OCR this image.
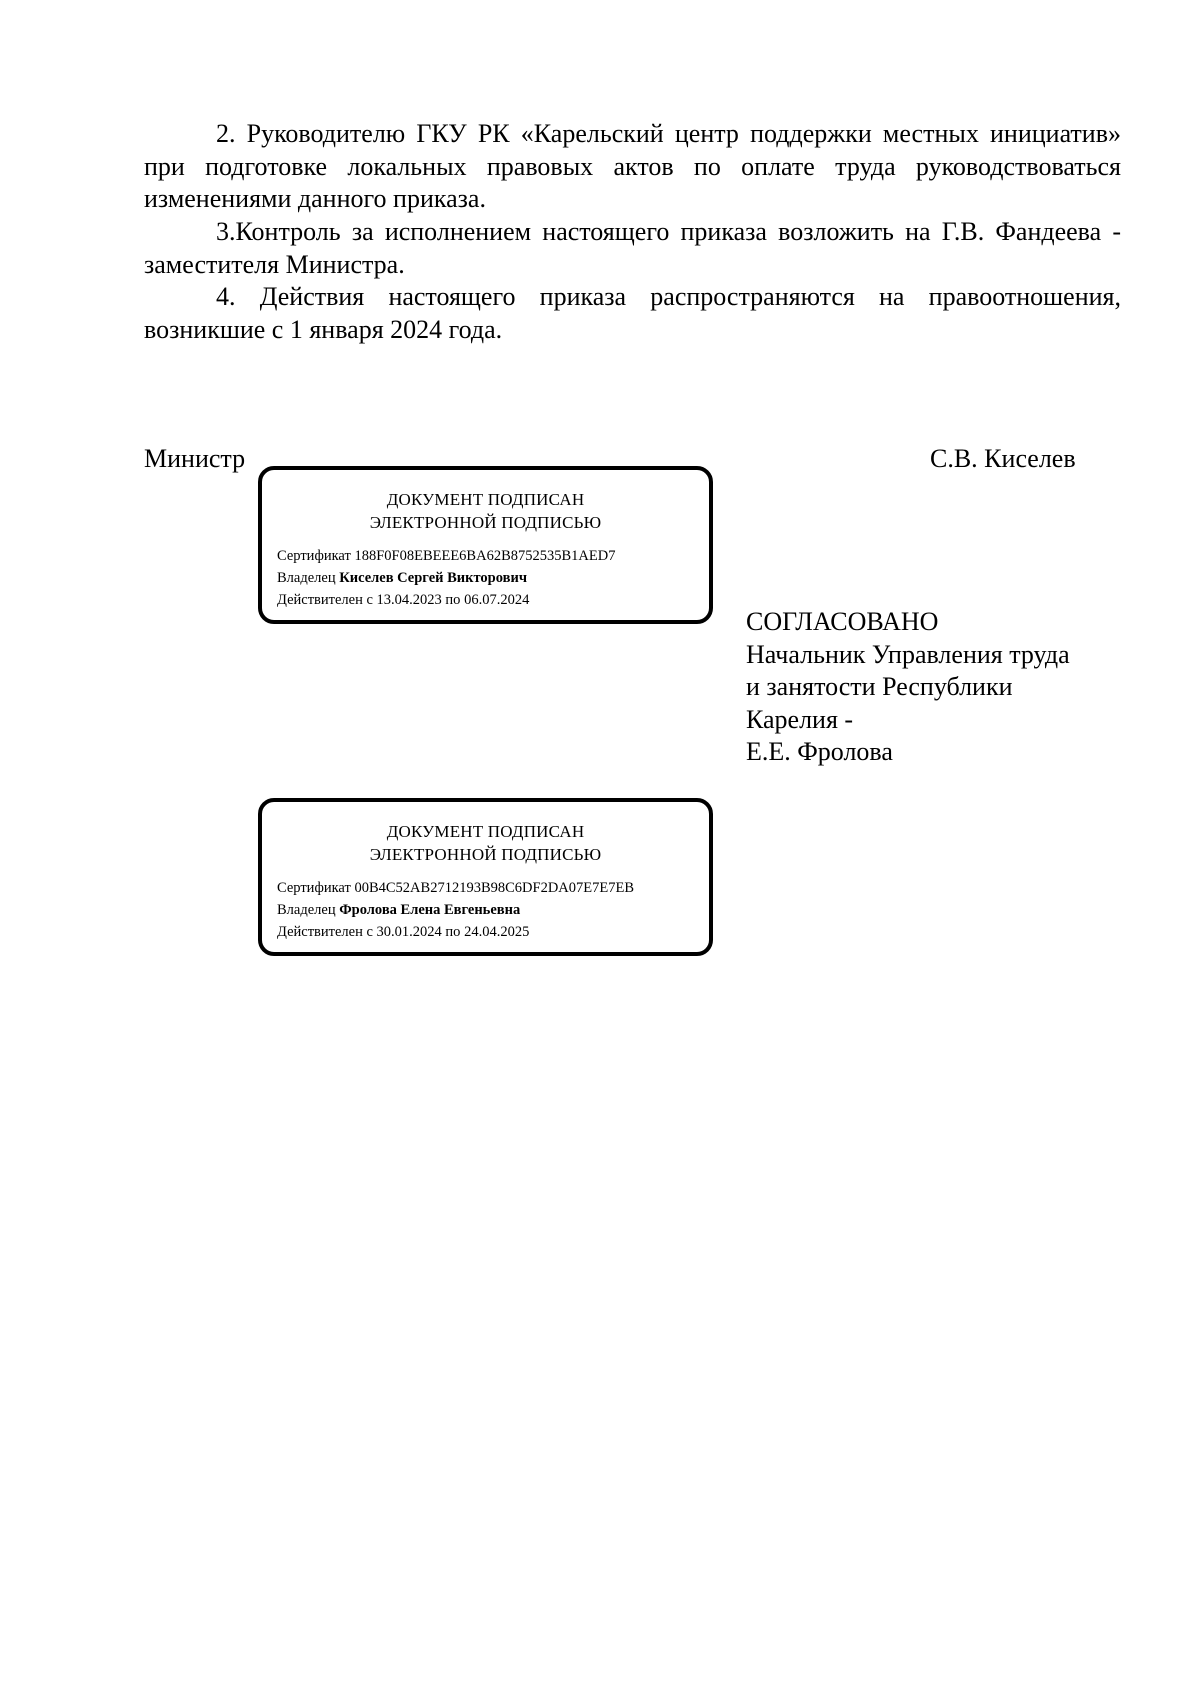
2. Руководителю ГКУ РК «Карельский центр поддержки местных инициатив» при подготовке локальных правовых актов по оплате труда руководствоваться изменениями данного приказа.

3.Контроль за исполнением настоящего приказа возложить на Г.В. Фандеева - заместителя Министра.

4. Действия настоящего приказа распространяются на правоотношения, возникшие с 1 января 2024 года.

Министр	С.В. Киселев

ДОКУМЕНТ ПОДПИСАН
ЭЛЕКТРОННОЙ ПОДПИСЬЮ
Сертификат 188F0F08EBEEE6BA62B8752535B1AED7
Владелец Киселев Сергей Викторович
Действителен с 13.04.2023 по 06.07.2024
СОГЛАСОВАНО
Начальник Управления труда
и занятости Республики
Карелия -
Е.Е. Фролова
ДОКУМЕНТ ПОДПИСАН
ЭЛЕКТРОННОЙ ПОДПИСЬЮ
Сертификат 00B4C52AB2712193B98C6DF2DA07E7E7EB
Владелец Фролова Елена Евгеньевна
Действителен с 30.01.2024 по 24.04.2025
